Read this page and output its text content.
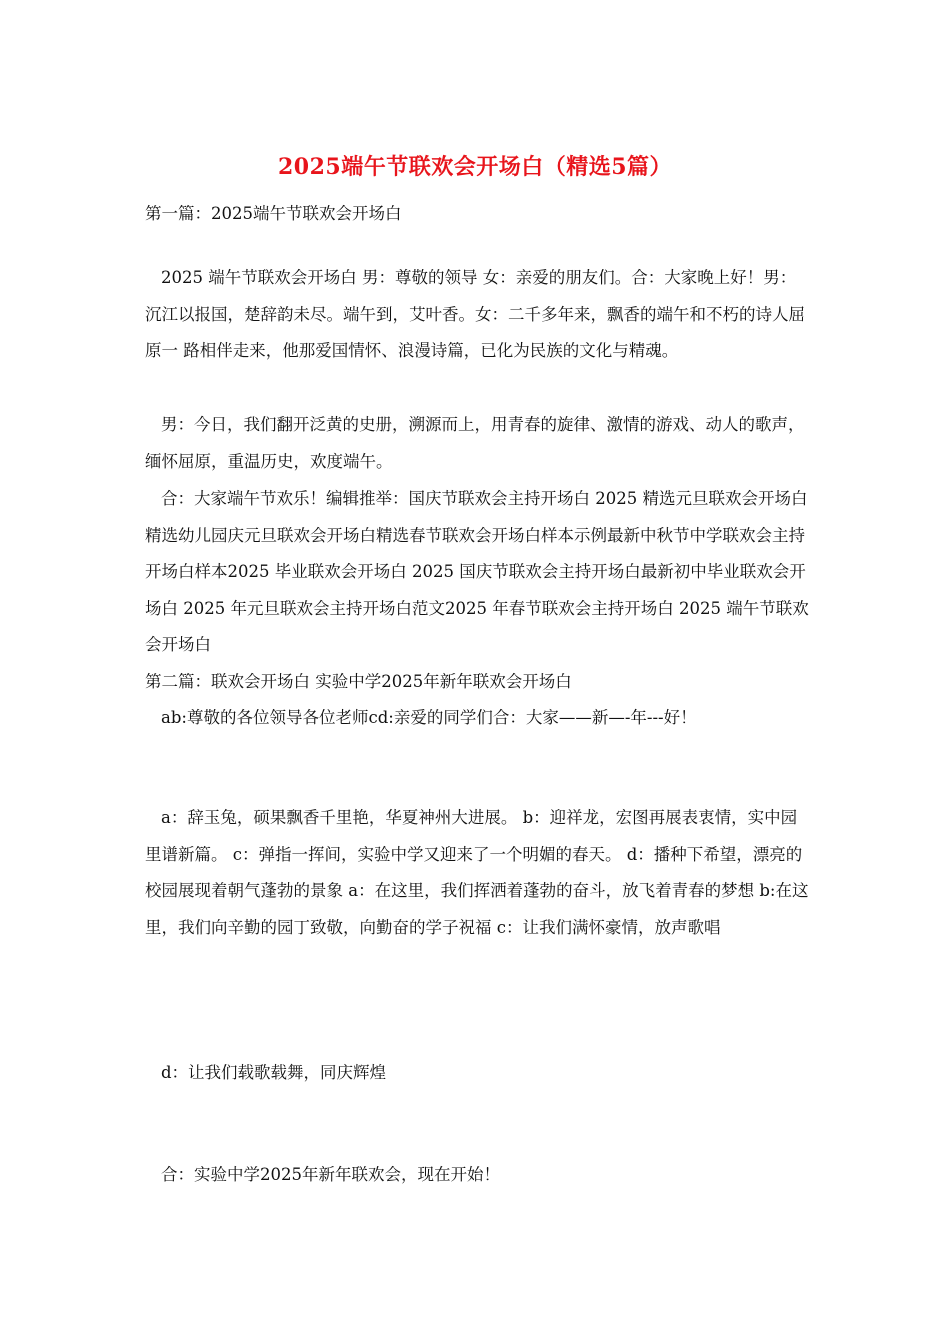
2025端午节联欢会开场白（精选5篇）

第一篇：2025端午节联欢会开场白

2025 端午节联欢会开场白 男：尊敬的领导 女：亲爱的朋友们。合：大家晚上好！男：沉江以报国，楚辞韵未尽。端午到，艾叶香。女：二千多年来，飘香的端午和不朽的诗人屈原一 路相伴走来，他那爱国情怀、浪漫诗篇，已化为民族的文化与精魂。

男：今日，我们翻开泛黄的史册，溯源而上，用青春的旋律、激情的游戏、动人的歌声，缅怀屈原，重温历史，欢度端午。

合：大家端午节欢乐！编辑推举：国庆节联欢会主持开场白 2025 精选元旦联欢会开场白精选幼儿园庆元旦联欢会开场白精选春节联欢会开场白样本示例最新中秋节中学联欢会主持开场白样本2025 毕业联欢会开场白 2025 国庆节联欢会主持开场白最新初中毕业联欢会开场白 2025 年元旦联欢会主持开场白范文2025 年春节联欢会主持开场白 2025 端午节联欢会开场白

第二篇：联欢会开场白 实验中学2025年新年联欢会开场白

ab:尊敬的各位领导各位老师cd:亲爱的同学们合：大家——新—-年---好！

a：辞玉兔，硕果飘香千里艳，华夏神州大进展。 b：迎祥龙，宏图再展表衷情，实中园里谱新篇。 c：弹指一挥间，实验中学又迎来了一个明媚的春天。 d：播种下希望，漂亮的校园展现着朝气蓬勃的景象 a：在这里，我们挥洒着蓬勃的奋斗，放飞着青春的梦想 b:在这里，我们向辛勤的园丁致敬，向勤奋的学子祝福 c：让我们满怀豪情，放声歌唱

d：让我们载歌载舞，同庆辉煌

合：实验中学2025年新年联欢会，现在开始！
